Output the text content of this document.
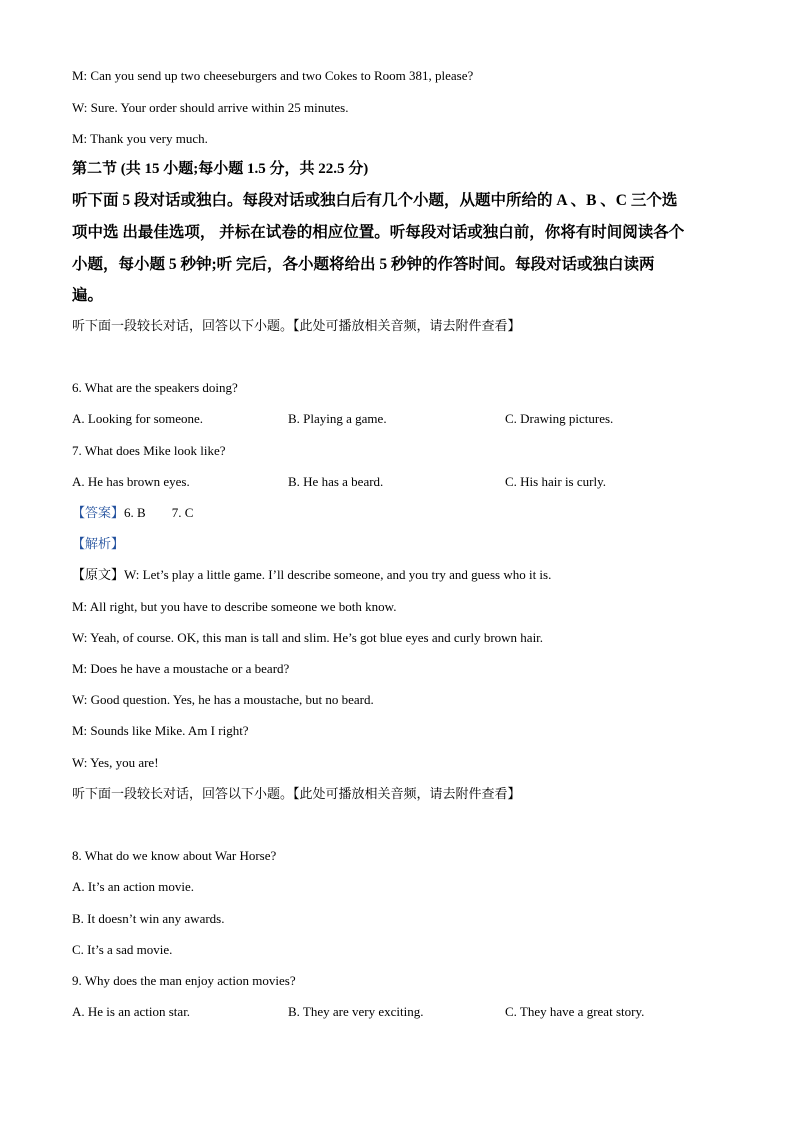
M: Can you send up two cheeseburgers and two Cokes to Room 381, please?
W: Sure. Your order should arrive within 25 minutes.
M: Thank you very much.
第二节 (共 15 小题;每小题 1.5 分，共 22.5 分)
听下面 5 段对话或独白。每段对话或独白后有几个小题，从题中所给的 A 、B 、C 三个选
项中选 出最佳选项， 并标在试卷的相应位置。听每段对话或独白前，你将有时间阅读各个
小题，每小题 5 秒钟;听 完后，各小题将给出 5 秒钟的作答时间。每段对话或独白读两
遍。
听下面一段较长对话，回答以下小题。【此处可播放相关音频，请去附件查看】
6. What are the speakers doing?
A. Looking for someone.	B. Playing a game.	C. Drawing pictures.
7. What does Mike look like?
A. He has brown eyes.	B. He has a beard.	C. His hair is curly.
【答案】6. B 7. C
【解析】
【原文】W: Let’s play a little game. I’ll describe someone, and you try and guess who it is.
M: All right, but you have to describe someone we both know.
W: Yeah, of course. OK, this man is tall and slim. He’s got blue eyes and curly brown hair.
M: Does he have a moustache or a beard?
W: Good question. Yes, he has a moustache, but no beard.
M: Sounds like Mike. Am I right?
W: Yes, you are!
听下面一段较长对话，回答以下小题。【此处可播放相关音频，请去附件查看】
8. What do we know about War Horse?
A. It’s an action movie.
B. It doesn’t win any awards.
C. It’s a sad movie.
9. Why does the man enjoy action movies?
A. He is an action star.	B. They are very exciting.	C. They have a great story.
